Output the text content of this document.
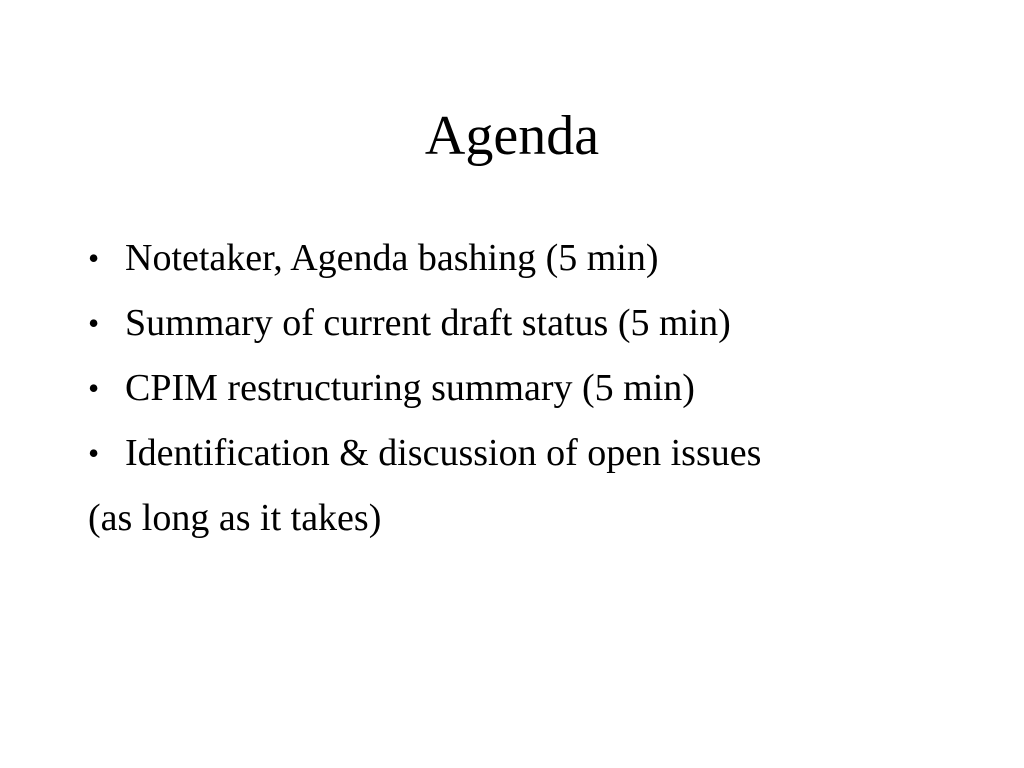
Agenda
• Notetaker, Agenda bashing (5 min)
• Summary of current draft status (5 min)
• CPIM restructuring summary (5 min)
• Identification & discussion of open issues

(as long as it takes)
